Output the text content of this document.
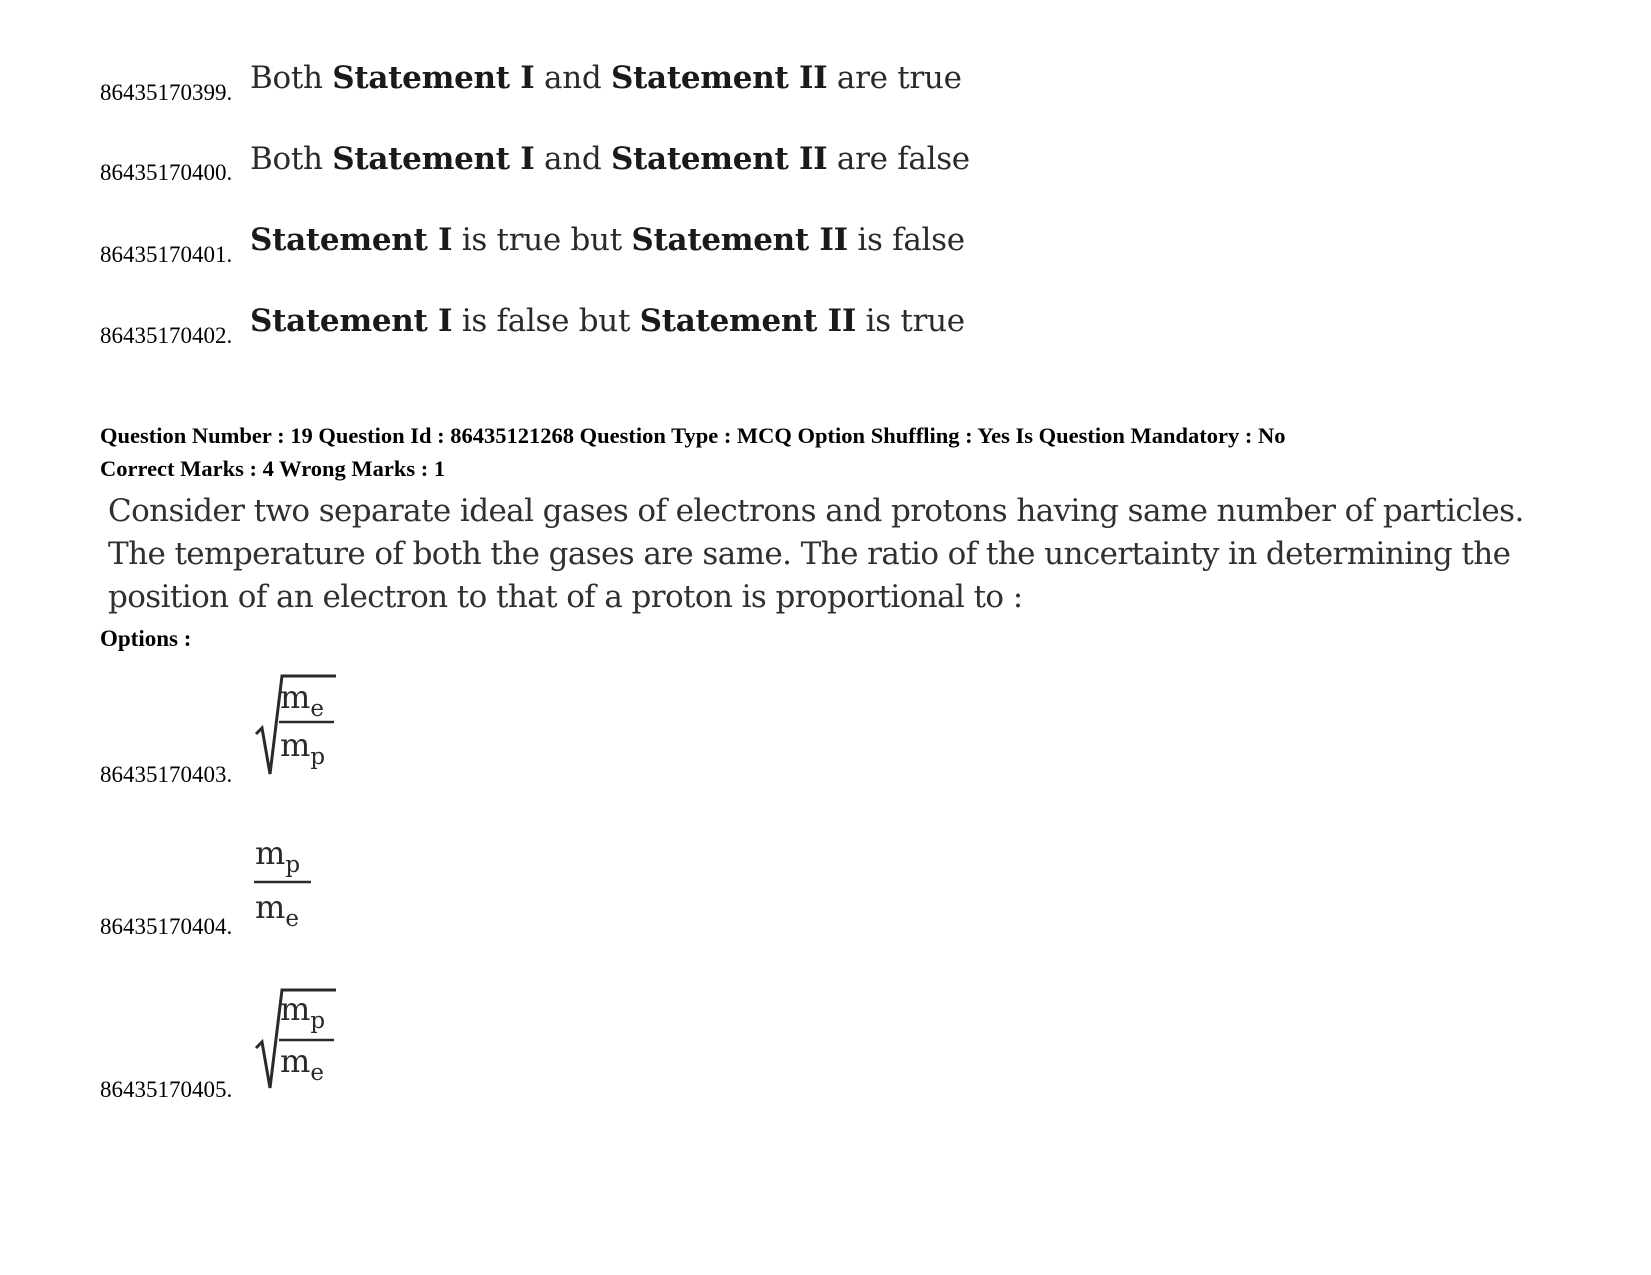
86435170399. Both Statement I and Statement II are true
86435170400. Both Statement I and Statement II are false
86435170401. Statement I is true but Statement II is false
86435170402. Statement I is false but Statement II is true
Question Number : 19 Question Id : 86435121268 Question Type : MCQ Option Shuffling : Yes Is Question Mandatory : No
Correct Marks : 4 Wrong Marks : 1
Consider two separate ideal gases of electrons and protons having same number of particles.
The temperature of both the gases are same. The ratio of the uncertainty in determining the
position of an electron to that of a proton is proportional to :
Options :
86435170403.
$m_e$
$m_p$
86435170404.
$m_p$
$m_e$
86435170405.
$m_p$
$m_e$
